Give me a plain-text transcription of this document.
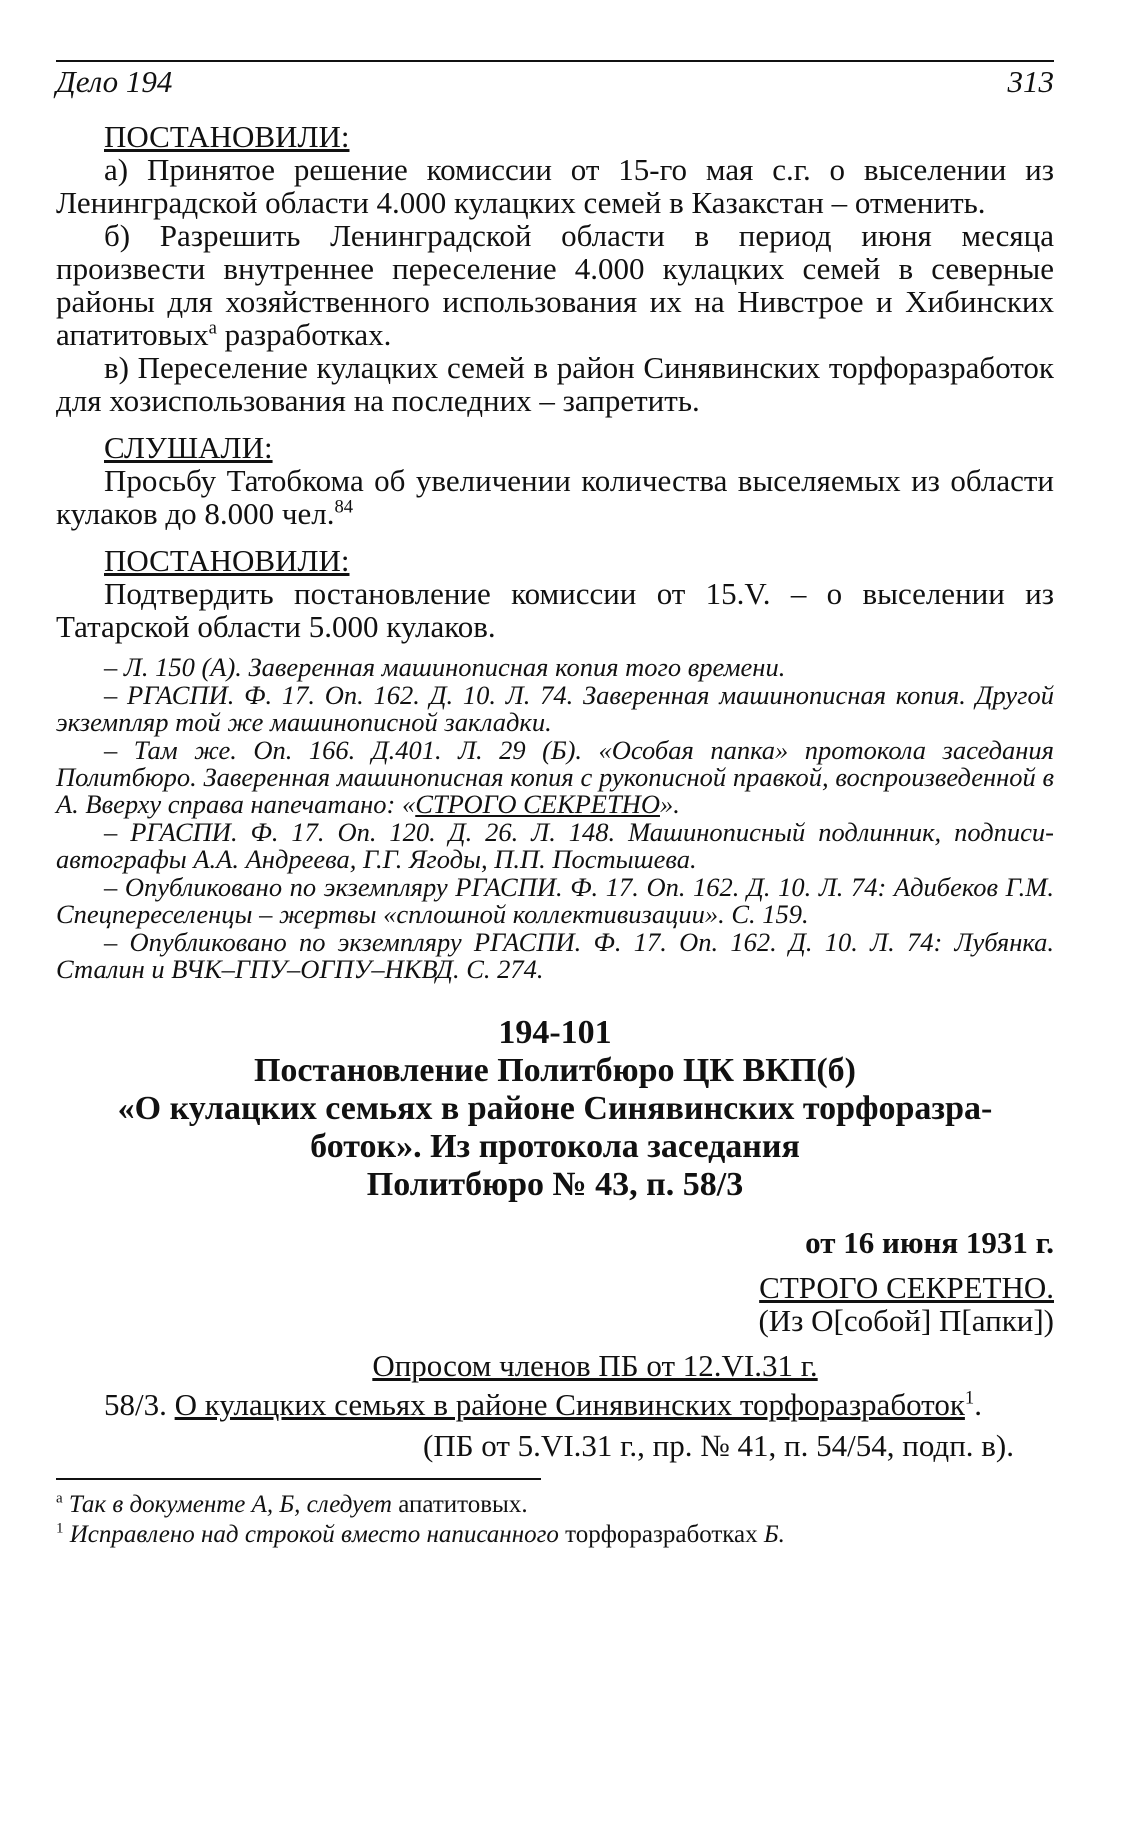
Дело 194	313

ПОСТАНОВИЛИ:

а) Принятое решение комиссии от 15-го мая с.г. о выселении из Ленинградской области 4.000 кулацких семей в Казакстан – отменить.

б) Разрешить Ленинградской области в период июня месяца произвести внутреннее переселение 4.000 кулацких семей в северные районы для хозяйственного использования их на Нивстрое и Хибинских апатитовых$^а$ разработках.

в) Переселение кулацких семей в район Синявинских торфоразработок для хозиспользования на последних – запретить.

СЛУШАЛИ:

Просьбу Татобкома об увеличении количества выселяемых из области кулаков до 8.000 чел.$^{84}$

ПОСТАНОВИЛИ:

Подтвердить постановление комиссии от 15.V. – о выселении из Татарской области 5.000 кулаков.

– Л. 150 (А). Заверенная машинописная копия того времени.

– РГАСПИ. Ф. 17. Оп. 162. Д. 10. Л. 74. Заверенная машинописная копия. Другой экземпляр той же машинописной закладки.

– Там же. Оп. 166. Д.401. Л. 29 (Б). «Особая папка» протокола заседания Политбюро. Заверенная машинописная копия с рукописной правкой, воспроизведенной в А. Вверху справа напечатано: «СТРОГО СЕКРЕТНО».

– РГАСПИ. Ф. 17. Оп. 120. Д. 26. Л. 148. Машинописный подлинник, подписи-автографы А.А. Андреева, Г.Г. Ягоды, П.П. Постышева.

– Опубликовано по экземпляру РГАСПИ. Ф. 17. Оп. 162. Д. 10. Л. 74: Адибеков Г.М. Спецпереселенцы – жертвы «сплошной коллективизации». С. 159.

– Опубликовано по экземпляру РГАСПИ. Ф. 17. Оп. 162. Д. 10. Л. 74: Лубянка. Сталин и ВЧК–ГПУ–ОГПУ–НКВД. С. 274.

194-101

Постановление Политбюро ЦК ВКП(б)

«О кулацких семьях в районе Синявинских торфоразра-

боток». Из протокола заседания

Политбюро № 43, п. 58/3

от 16 июня 1931 г.

СТРОГО СЕКРЕТНО.

(Из О[собой] П[апки])

Опросом членов ПБ от 12.VI.31 г.

58/3. О кулацких семьях в районе Синявинских торфоразработок$^1$.

(ПБ от 5.VI.31 г., пр. № 41, п. 54/54, подп. в).

$^а$ Так в документе А, Б, следует апатитовых.

$^1$ Исправлено над строкой вместо написанного торфоразработках Б.
